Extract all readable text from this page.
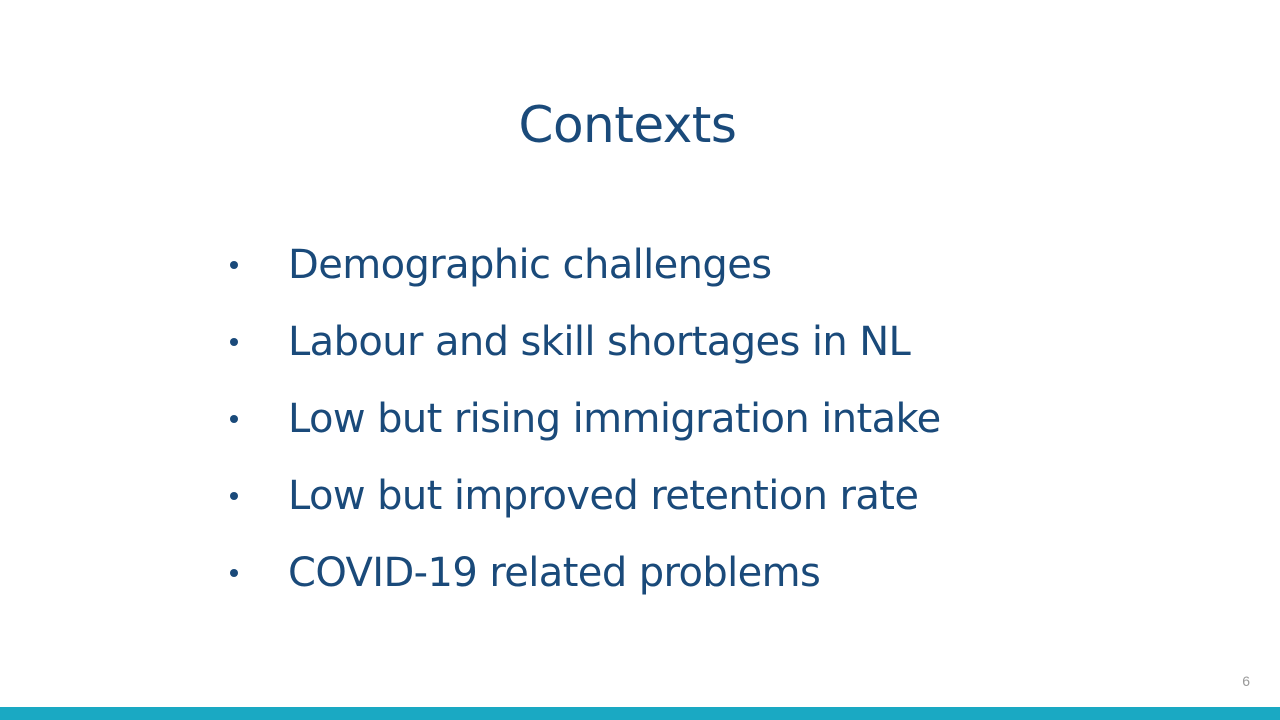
Contexts
Demographic challenges
Labour and skill shortages in NL
Low but rising immigration intake
Low but improved retention rate
COVID-19 related problems
6
